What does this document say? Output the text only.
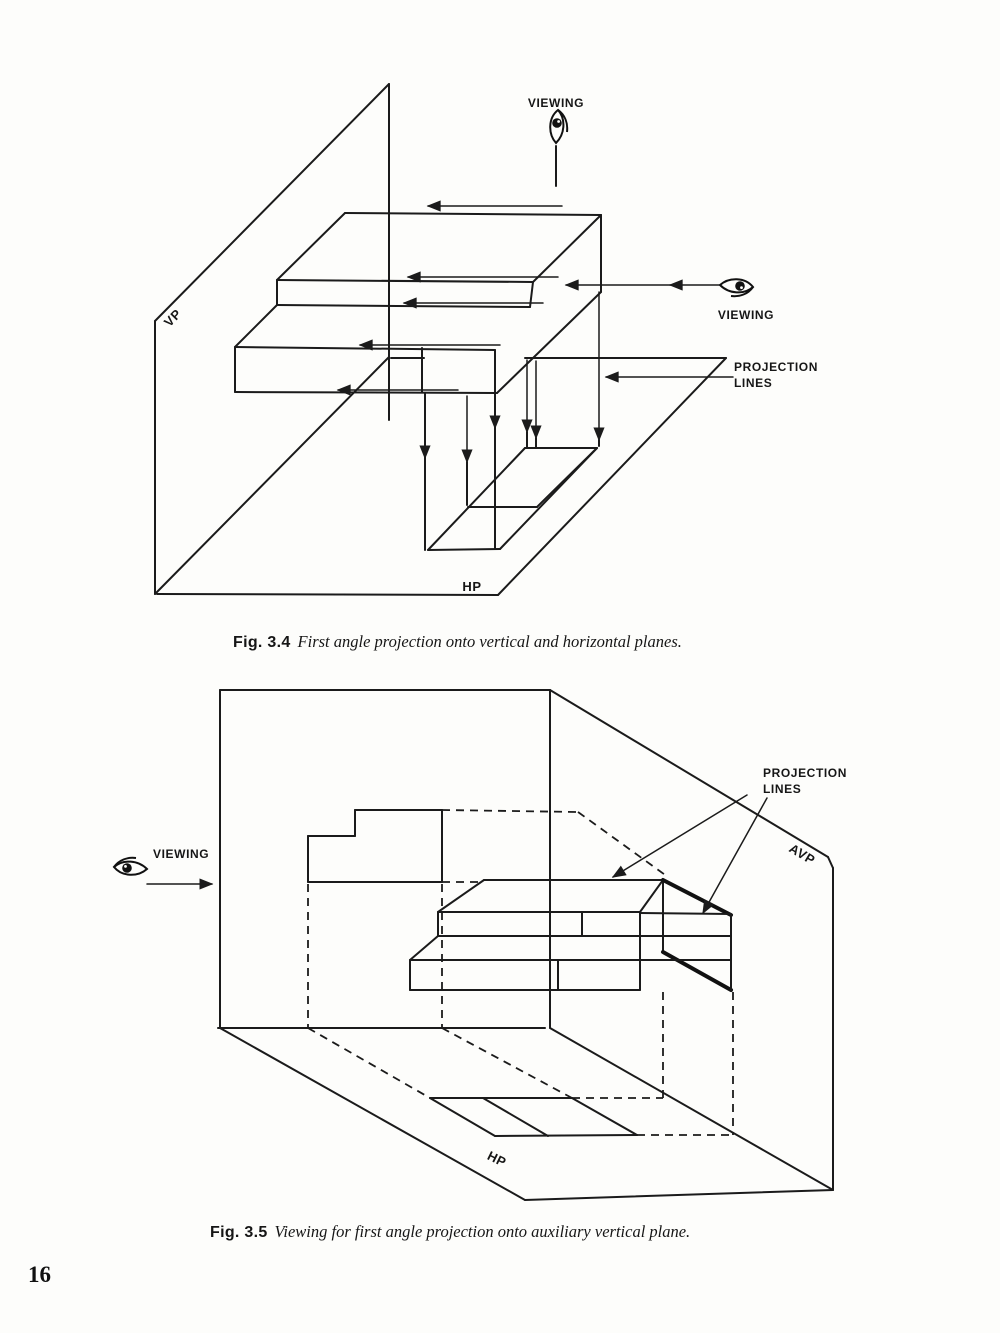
VP
HP
VIEWING
VIEWING
PROJECTION
LINES
AVP
HP
VIEWING
PROJECTION
LINES
Fig. 3.4 First angle projection onto vertical and horizontal planes.
Fig. 3.5 Viewing for first angle projection onto auxiliary vertical plane.
16
